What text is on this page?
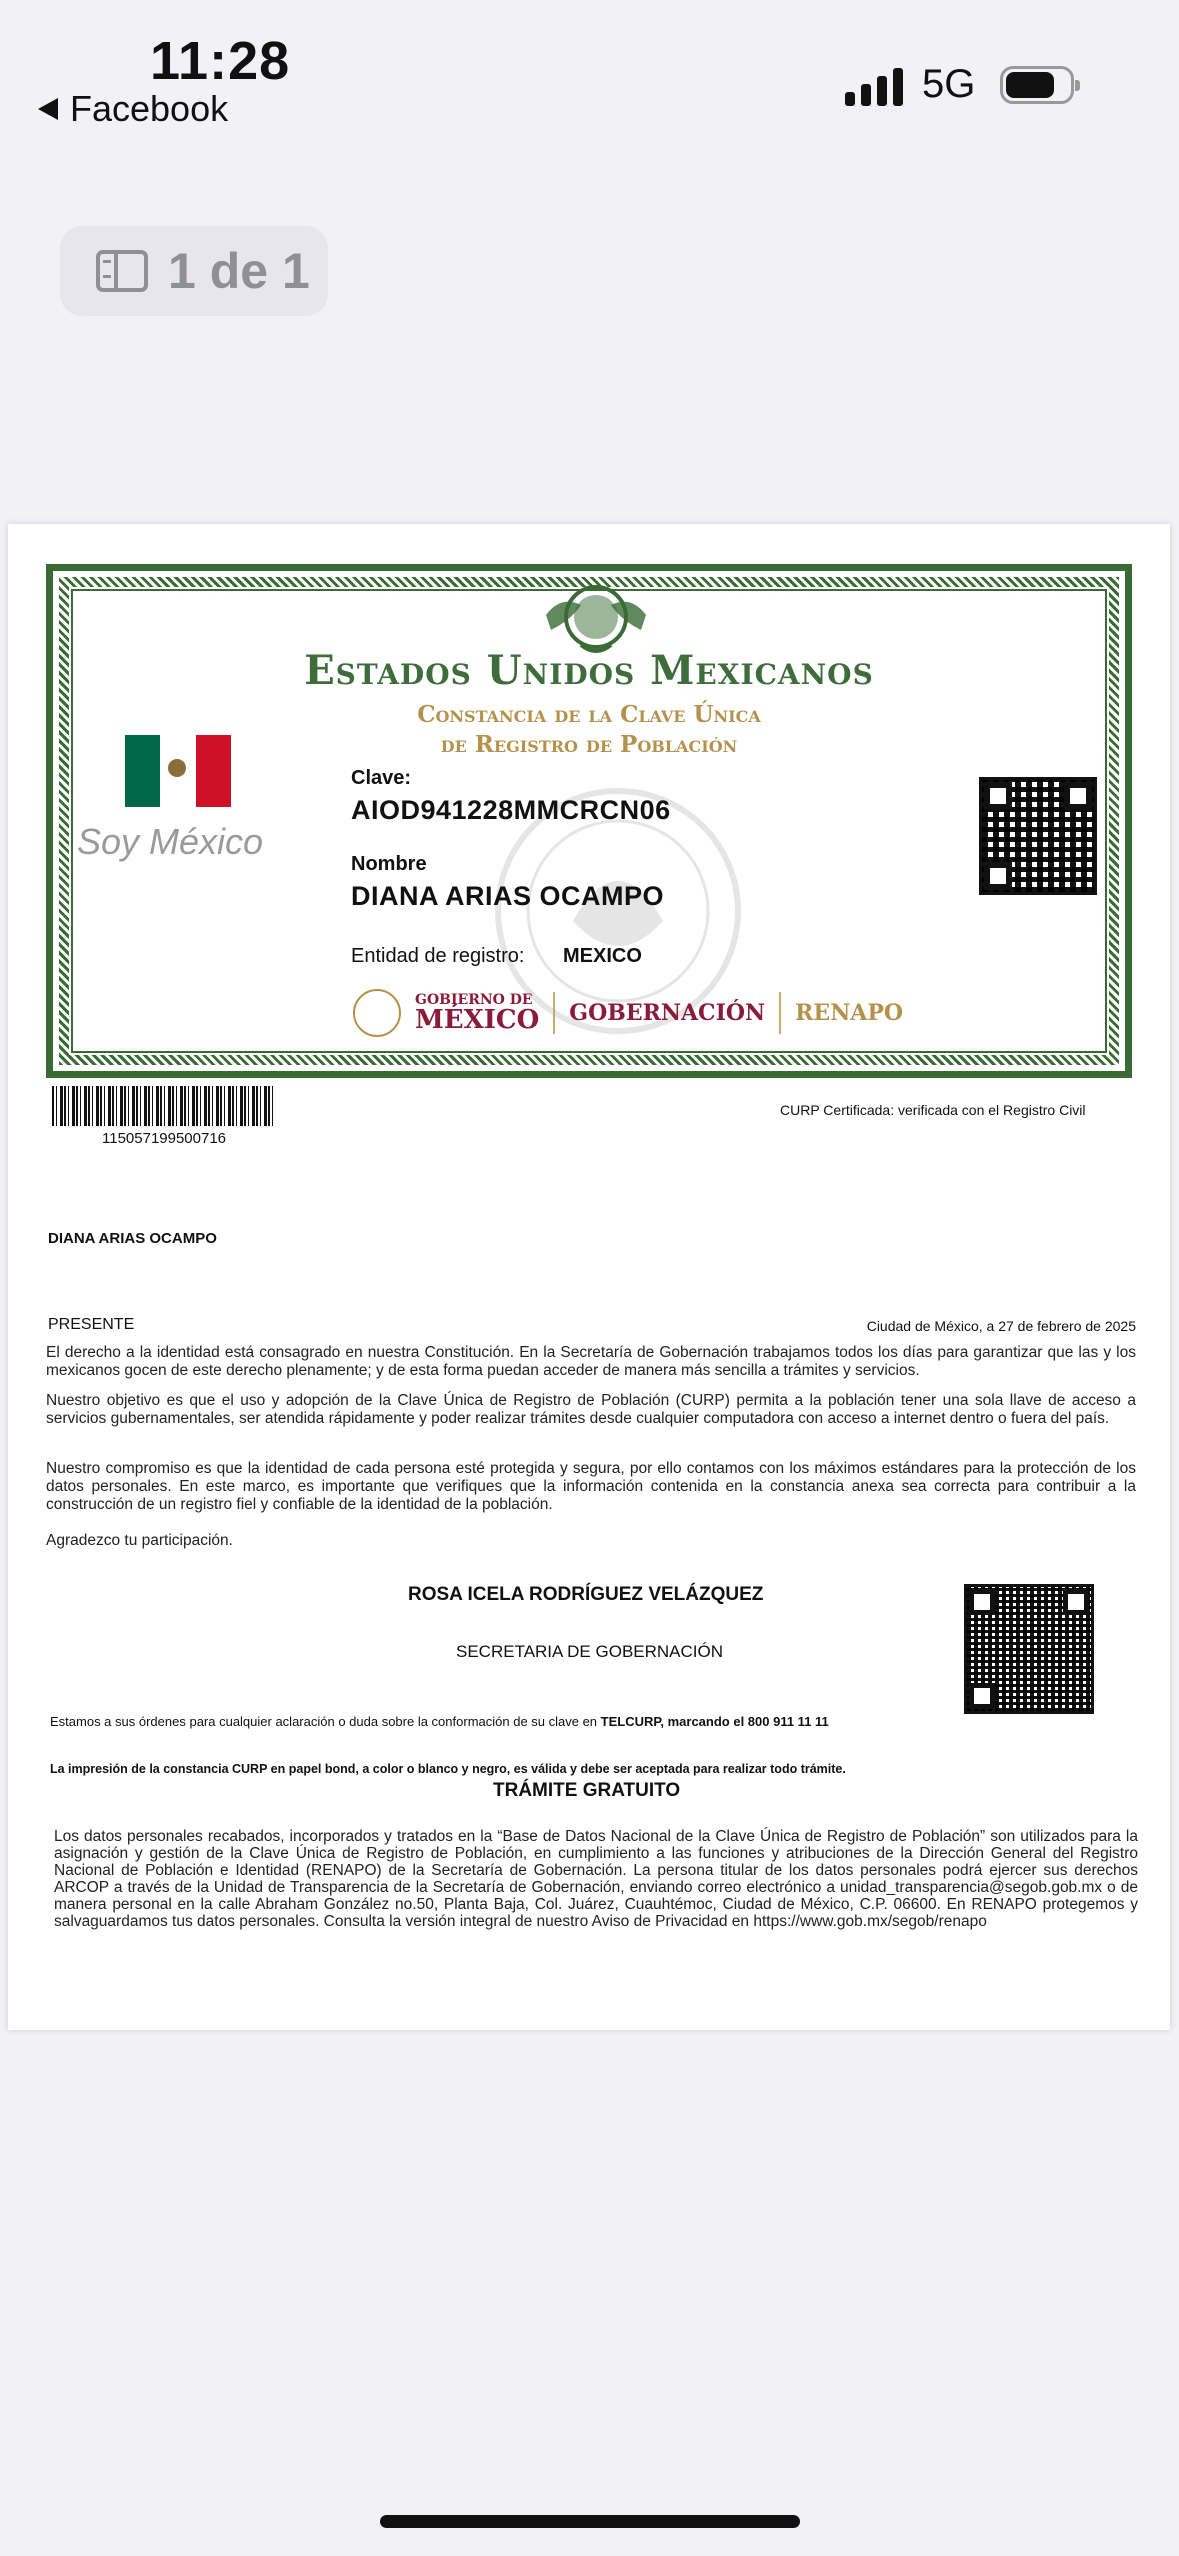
11:28
Facebook
5G
1 de 1
Estados Unidos Mexicanos
Constancia de la Clave Única
de Registro de Población
Soy México
Clave:
AIOD941228MMCRCN06
Nombre
DIANA ARIAS OCAMPO
Entidad de registro: MEXICO
GOBIERNO DE
MÉXICO GOBERNACIÓN RENAPO
115057199500716
CURP Certificada: verificada con el Registro Civil
DIANA ARIAS OCAMPO
PRESENTE	Ciudad de México, a 27 de febrero de 2025
El derecho a la identidad está consagrado en nuestra Constitución. En la Secretaría de Gobernación trabajamos todos los días para garantizar que las y los mexicanos gocen de este derecho plenamente; y de esta forma puedan acceder de manera más sencilla a trámites y servicios.
Nuestro objetivo es que el uso y adopción de la Clave Única de Registro de Población (CURP) permita a la población tener una sola llave de acceso a servicios gubernamentales, ser atendida rápidamente y poder realizar trámites desde cualquier computadora con acceso a internet dentro o fuera del país.
Nuestro compromiso es que la identidad de cada persona esté protegida y segura, por ello contamos con los máximos estándares para la protección de los datos personales. En este marco, es importante que verifiques que la información contenida en la constancia anexa sea correcta para contribuir a la construcción de un registro fiel y confiable de la identidad de la población.
Agradezco tu participación.
ROSA ICELA RODRÍGUEZ VELÁZQUEZ
SECRETARIA DE GOBERNACIÓN
Estamos a sus órdenes para cualquier aclaración o duda sobre la conformación de su clave en TELCURP, marcando el 800 911 11 11
La impresión de la constancia CURP en papel bond, a color o blanco y negro, es válida y debe ser aceptada para realizar todo trámite.
TRÁMITE GRATUITO
Los datos personales recabados, incorporados y tratados en la “Base de Datos Nacional de la Clave Única de Registro de Población” son utilizados para la asignación y gestión de la Clave Única de Registro de Población, en cumplimiento a las funciones y atribuciones de la Dirección General del Registro Nacional de Población e Identidad (RENAPO) de la Secretaría de Gobernación. La persona titular de los datos personales podrá ejercer sus derechos ARCOP a través de la Unidad de Transparencia de la Secretaría de Gobernación, enviando correo electrónico a unidad_transparencia@segob.gob.mx o de manera personal en la calle Abraham González no.50, Planta Baja, Col. Juárez, Cuauhtémoc, Ciudad de México, C.P. 06600. En RENAPO protegemos y salvaguardamos tus datos personales. Consulta la versión integral de nuestro Aviso de Privacidad en https://www.gob.mx/segob/renapo
